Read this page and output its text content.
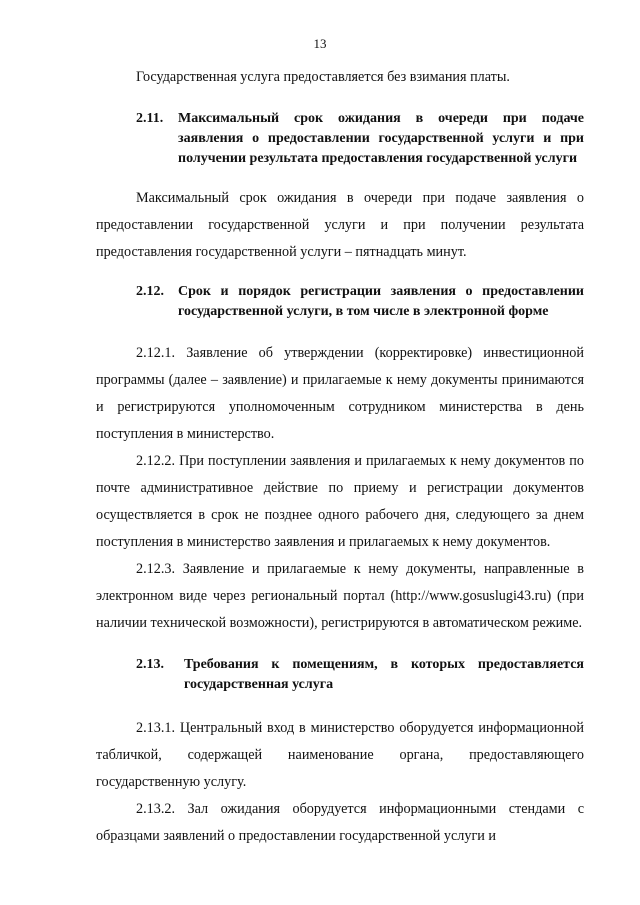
13

Государственная услуга предоставляется без взимания платы.

2.11. Максимальный срок ожидания в очереди при подаче заявления о предоставлении государственной услуги и при получении результата предоставления государственной услуги

Максимальный срок ожидания в очереди при подаче заявления о предоставлении государственной услуги и при получении результата предоставления государственной услуги – пятнадцать минут.

2.12. Срок и порядок регистрации заявления о предоставлении государственной услуги, в том числе в электронной форме

2.12.1. Заявление об утверждении (корректировке) инвестиционной программы (далее – заявление) и прилагаемые к нему документы принимаются и регистрируются уполномоченным сотрудником министерства в день поступления в министерство.

2.12.2. При поступлении заявления и прилагаемых к нему документов по почте административное действие по приему и регистрации документов осуществляется в срок не позднее одного рабочего дня, следующего за днем поступления в министерство заявления и прилагаемых к нему документов.

2.12.3. Заявление и прилагаемые к нему документы, направленные в электронном виде через региональный портал (http://www.gosuslugi43.ru) (при наличии технической возможности), регистрируются в автоматическом режиме.

2.13. Требования к помещениям, в которых предоставляется государственная услуга

2.13.1. Центральный вход в министерство оборудуется информационной табличкой, содержащей наименование органа, предоставляющего государственную услугу.

2.13.2. Зал ожидания оборудуется информационными стендами с образцами заявлений о предоставлении государственной услуги и
